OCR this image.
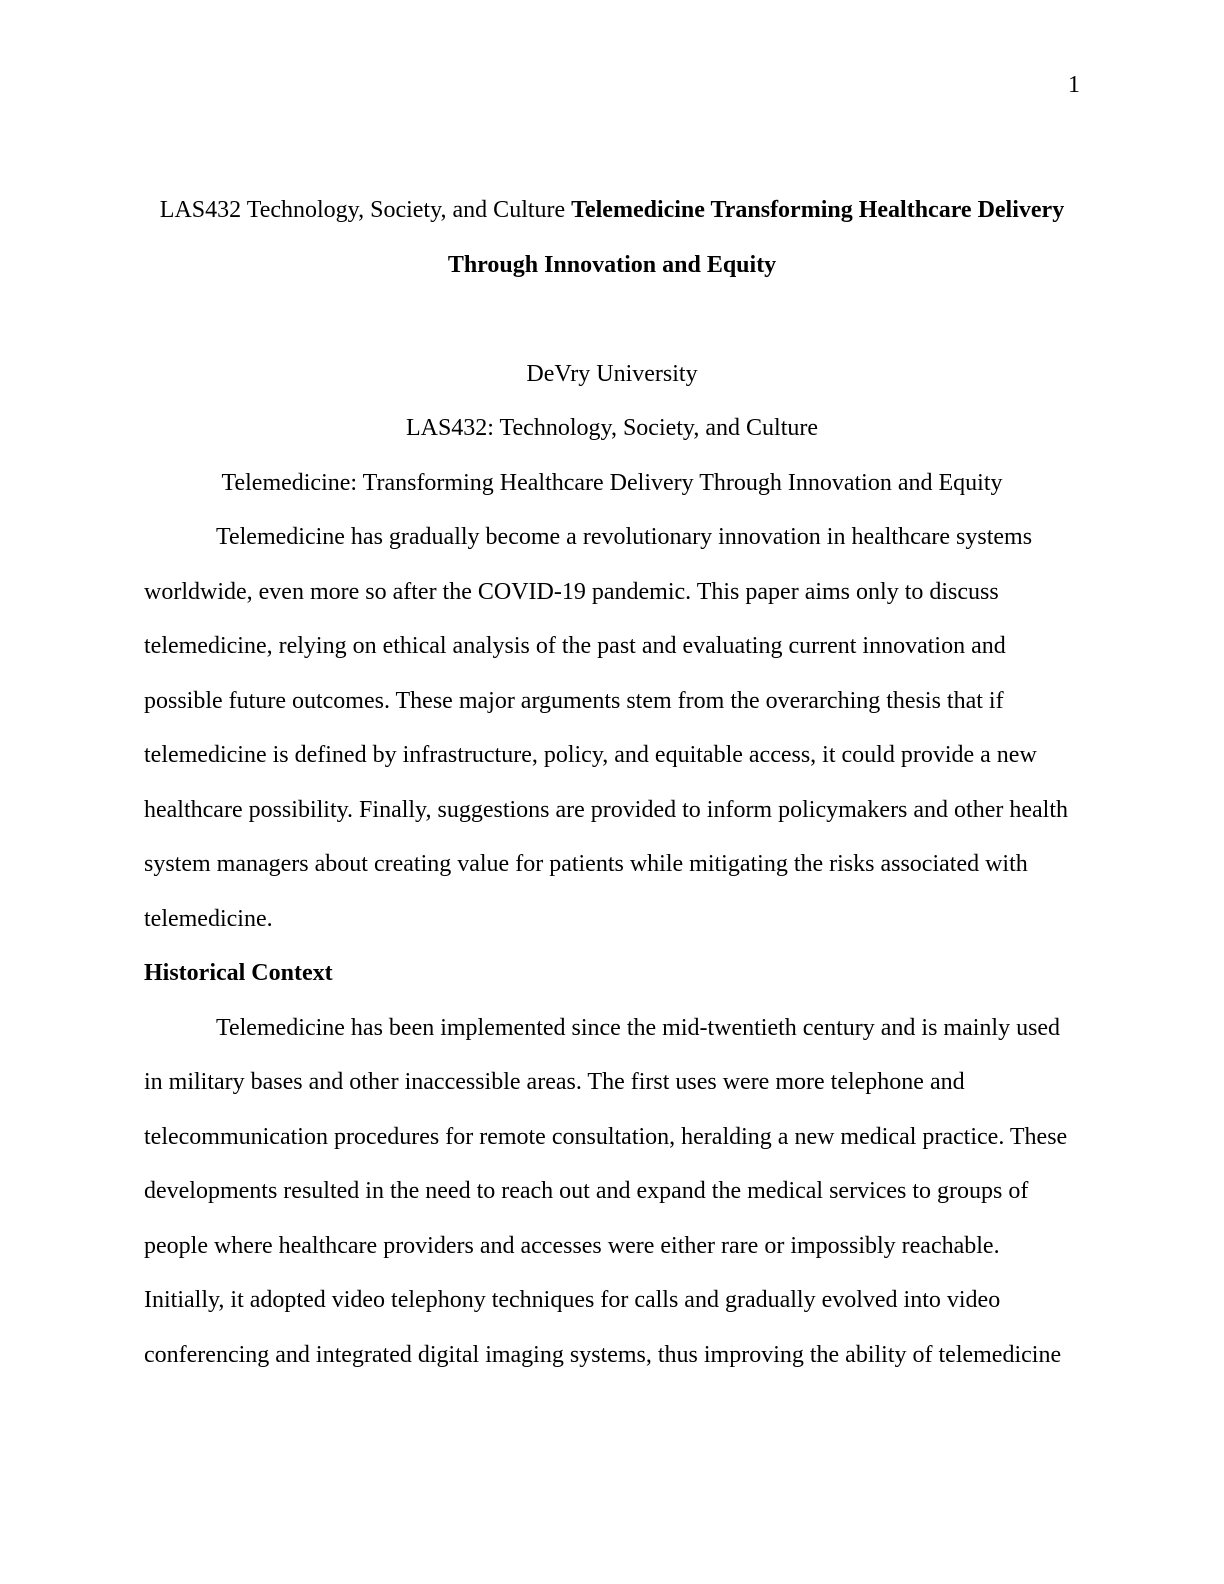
1
LAS432 Technology, Society, and Culture Telemedicine Transforming Healthcare Delivery
Through Innovation and Equity
DeVry University
LAS432: Technology, Society, and Culture
Telemedicine: Transforming Healthcare Delivery Through Innovation and Equity
Telemedicine has gradually become a revolutionary innovation in healthcare systems
worldwide, even more so after the COVID-19 pandemic. This paper aims only to discuss
telemedicine, relying on ethical analysis of the past and evaluating current innovation and
possible future outcomes. These major arguments stem from the overarching thesis that if
telemedicine is defined by infrastructure, policy, and equitable access, it could provide a new
healthcare possibility. Finally, suggestions are provided to inform policymakers and other health
system managers about creating value for patients while mitigating the risks associated with
telemedicine.
Historical Context
Telemedicine has been implemented since the mid-twentieth century and is mainly used
in military bases and other inaccessible areas. The first uses were more telephone and
telecommunication procedures for remote consultation, heralding a new medical practice. These
developments resulted in the need to reach out and expand the medical services to groups of
people where healthcare providers and accesses were either rare or impossibly reachable.
Initially, it adopted video telephony techniques for calls and gradually evolved into video
conferencing and integrated digital imaging systems, thus improving the ability of telemedicine
